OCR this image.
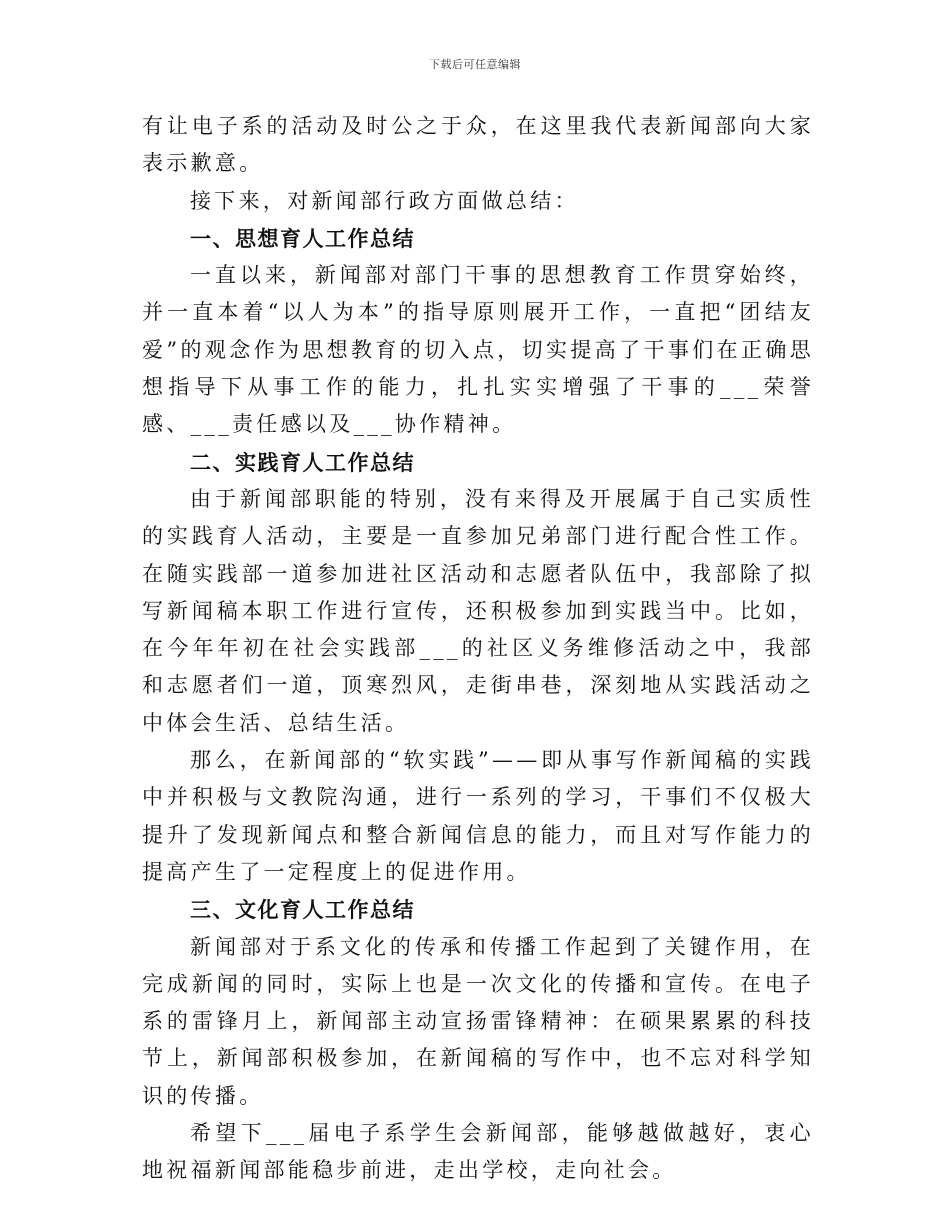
下载后可任意编辑

有让电子系的活动及时公之于众，在这里我代表新闻部向大家表示歉意。

接下来，对新闻部行政方面做总结：

一、思想育人工作总结

一直以来，新闻部对部门干事的思想教育工作贯穿始终，并一直本着“以人为本”的指导原则展开工作，一直把“团结友爱”的观念作为思想教育的切入点，切实提高了干事们在正确思想指导下从事工作的能力，扎扎实实增强了干事的___荣誉感、___责任感以及___协作精神。

二、实践育人工作总结

由于新闻部职能的特别，没有来得及开展属于自己实质性的实践育人活动，主要是一直参加兄弟部门进行配合性工作。在随实践部一道参加进社区活动和志愿者队伍中，我部除了拟写新闻稿本职工作进行宣传，还积极参加到实践当中。比如，在今年年初在社会实践部___的社区义务维修活动之中，我部和志愿者们一道，顶寒烈风，走街串巷，深刻地从实践活动之中体会生活、总结生活。

那么，在新闻部的“软实践”——即从事写作新闻稿的实践中并积极与文教院沟通，进行一系列的学习，干事们不仅极大提升了发现新闻点和整合新闻信息的能力，而且对写作能力的提高产生了一定程度上的促进作用。

三、文化育人工作总结

新闻部对于系文化的传承和传播工作起到了关键作用，在完成新闻的同时，实际上也是一次文化的传播和宣传。在电子系的雷锋月上，新闻部主动宣扬雷锋精神：在硕果累累的科技节上，新闻部积极参加，在新闻稿的写作中，也不忘对科学知识的传播。

希望下___届电子系学生会新闻部，能够越做越好，衷心地祝福新闻部能稳步前进，走出学校，走向社会。
